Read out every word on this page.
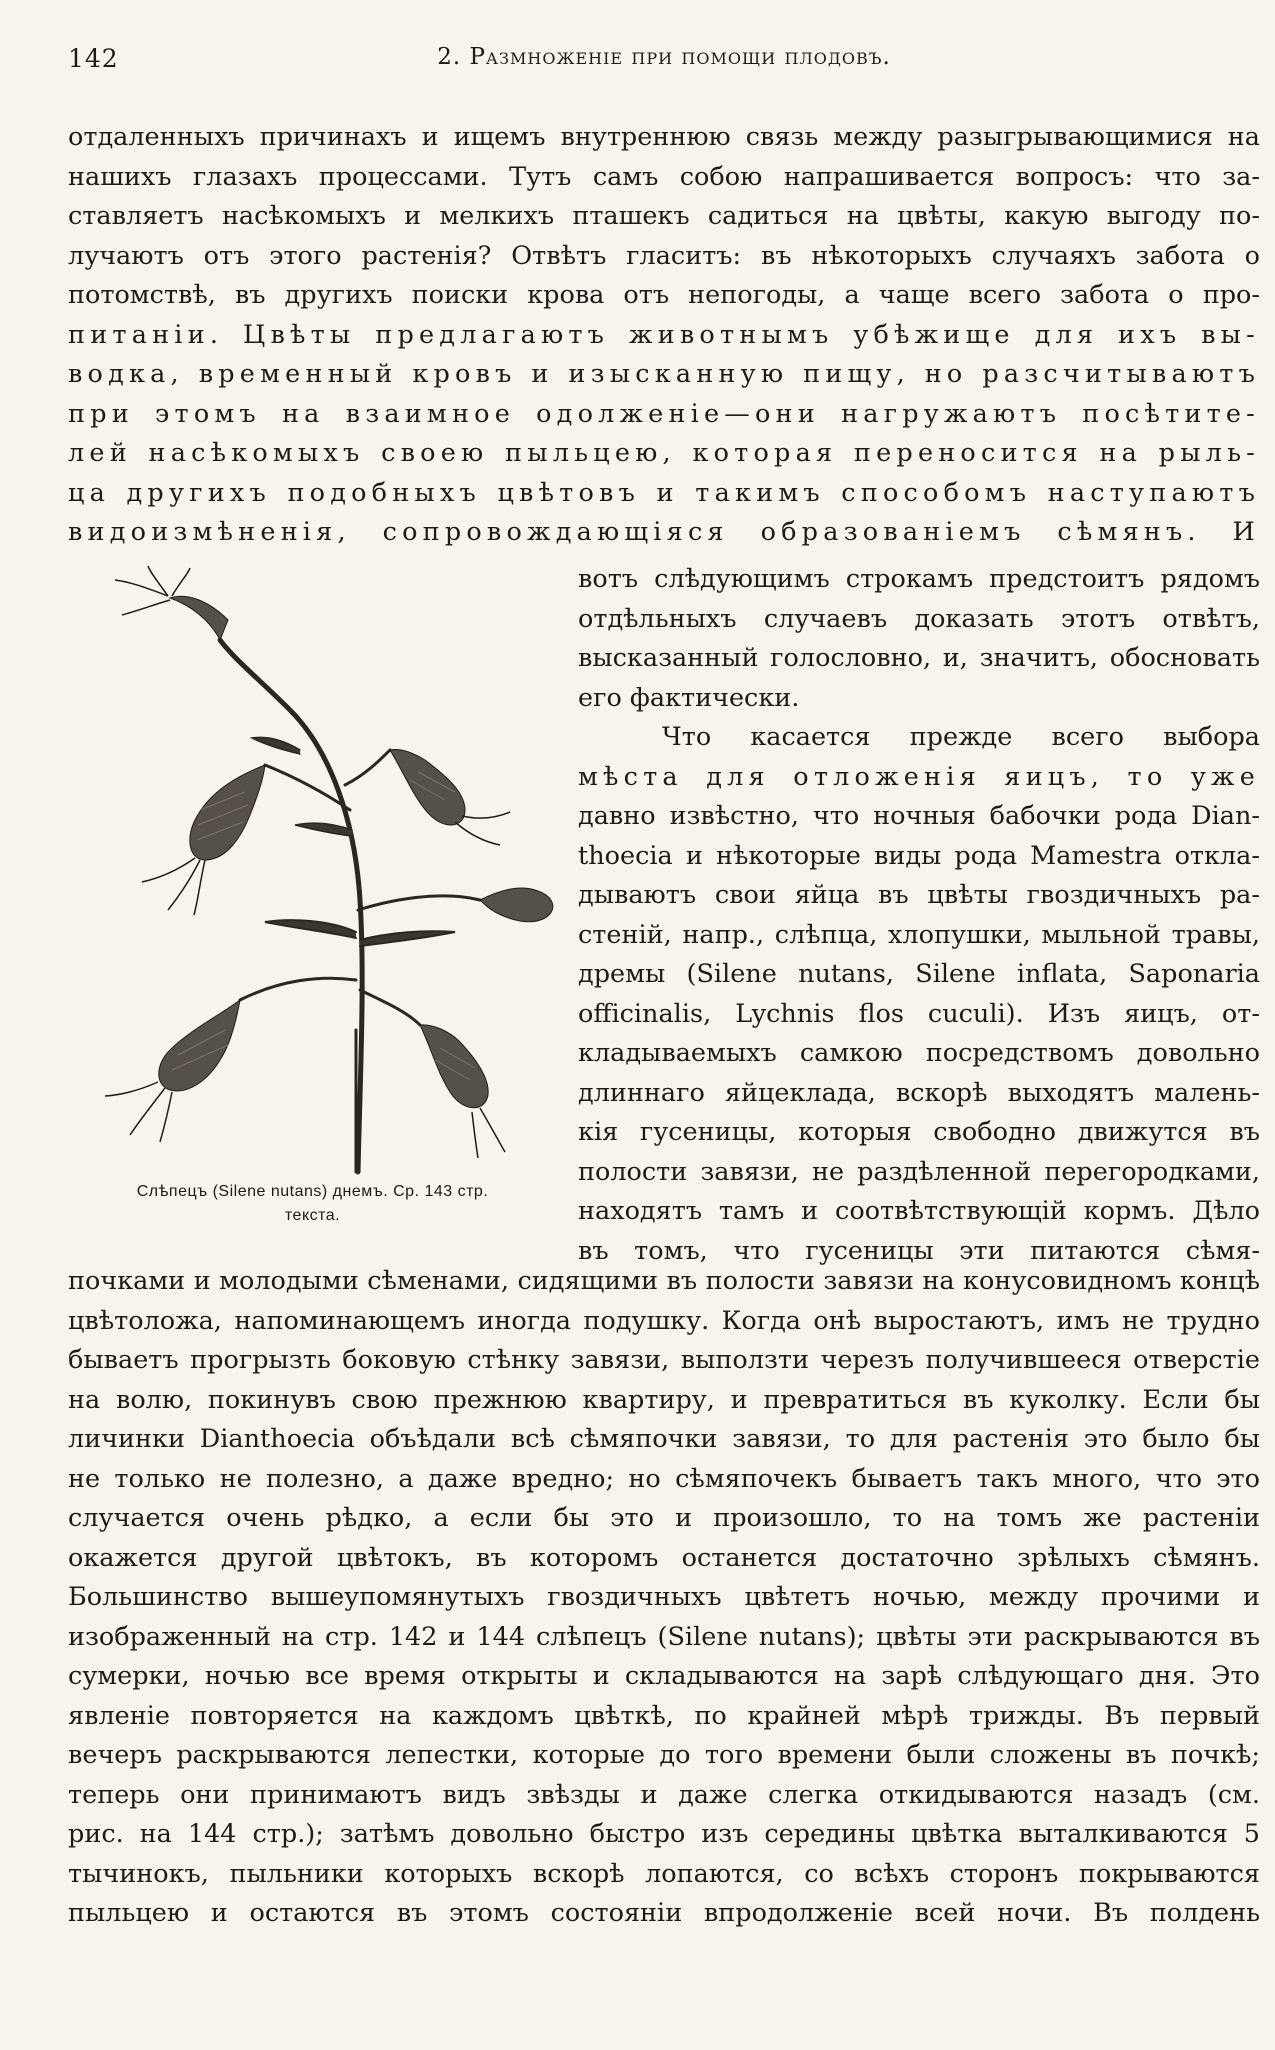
142	2. Размноженіе при помощи плодовъ.
отдаленныхъ причинахъ и ищемъ внутреннюю связь между разыгрывающимися на
нашихъ глазахъ процессами. Тутъ самъ собою напрашивается вопросъ: что за-
ставляетъ насѣкомыхъ и мелкихъ пташекъ садиться на цвѣты, какую выгоду по-
лучаютъ отъ этого растенія? Отвѣтъ гласитъ: въ нѣкоторыхъ случаяхъ забота о
потомствѣ, въ другихъ поиски крова отъ непогоды, а чаще всего забота о про-
питаніи. Цвѣты предлагаютъ животнымъ убѣжище для ихъ вы-
водка, временный кровъ и изысканную пищу, но разсчитываютъ
при этомъ на взаимное одолженіе—они нагружаютъ посѣтите-
лей насѣкомыхъ своею пыльцею, которая переносится на рыль-
ца другихъ подобныхъ цвѣтовъ и такимъ способомъ наступаютъ
видоизмѣненія, сопровождающіяся образованіемъ сѣмянъ. И
Слѣпецъ (Silene nutans) днемъ. Ср. 143 стр.
текста.
вотъ слѣдующимъ строкамъ предстоитъ рядомъ
отдѣльныхъ случаевъ доказать этотъ отвѣтъ,
высказанный голословно, и, значитъ, обосновать
его фактически.
Что касается прежде всего выбора
мѣста для отложенія яицъ, то уже
давно извѣстно, что ночныя бабочки рода Dian-
thoecia и нѣкоторые виды рода Mamestra откла-
дываютъ свои яйца въ цвѣты гвоздичныхъ ра-
стеній, напр., слѣпца, хлопушки, мыльной травы,
дремы (Silene nutans, Silene inflata, Saponaria
officinalis, Lychnis flos cuculi). Изъ яицъ, от-
кладываемыхъ самкою посредствомъ довольно
длиннаго яйцеклада, вскорѣ выходятъ малень-
кія гусеницы, которыя свободно движутся въ
полости завязи, не раздѣленной перегородками,
находятъ тамъ и соотвѣтствующій кормъ. Дѣло
въ томъ, что гусеницы эти питаются сѣмя-
почками и молодыми сѣменами, сидящими въ полости завязи на конусовидномъ концѣ
цвѣтоложа, напоминающемъ иногда подушку. Когда онѣ выростаютъ, имъ не трудно
бываетъ прогрызть боковую стѣнку завязи, выползти черезъ получившееся отверстіе
на волю, покинувъ свою прежнюю квартиру, и превратиться въ куколку. Если бы
личинки Dianthoecia объѣдали всѣ сѣмяпочки завязи, то для растенія это было бы
не только не полезно, а даже вредно; но сѣмяпочекъ бываетъ такъ много, что это
случается очень рѣдко, а если бы это и произошло, то на томъ же растеніи
окажется другой цвѣтокъ, въ которомъ останется достаточно зрѣлыхъ сѣмянъ.
Большинство вышеупомянутыхъ гвоздичныхъ цвѣтетъ ночью, между прочими и
изображенный на стр. 142 и 144 слѣпецъ (Silene nutans); цвѣты эти раскрываются въ
сумерки, ночью все время открыты и складываются на зарѣ слѣдующаго дня. Это
явленіе повторяется на каждомъ цвѣткѣ, по крайней мѣрѣ трижды. Въ первый
вечеръ раскрываются лепестки, которые до того времени были сложены въ почкѣ;
теперь они принимаютъ видъ звѣзды и даже слегка откидываются назадъ (см.
рис. на 144 стр.); затѣмъ довольно быстро изъ середины цвѣтка выталкиваются 5
тычинокъ, пыльники которыхъ вскорѣ лопаются, со всѣхъ сторонъ покрываются
пыльцею и остаются въ этомъ состояніи впродолженіе всей ночи. Въ полдень
